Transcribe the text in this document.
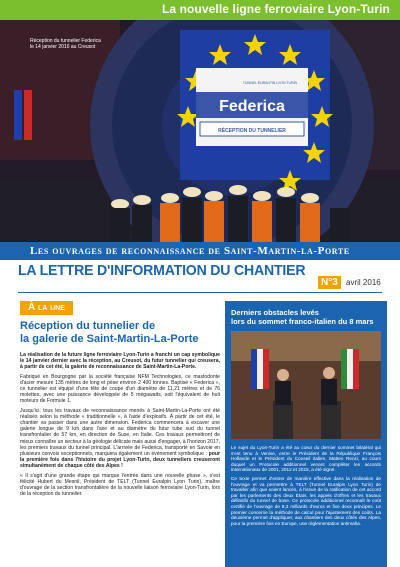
La nouvelle ligne ferroviaire Lyon-Turin
Federica
RÉCEPTION DU TUNNELIER
TUNNEL EURALPIN LYON TURIN
Réception du tunnelier Federica
le 14 janvier 2016 au Creusot
Les ouvrages de reconnaissance de Saint-Martin-la-Porte
LA LETTRE D'INFORMATION DU CHANTIER
N°3 avril 2016
À la une
Réception du tunnelier de
la galerie de Saint-Martin-La-Porte

La réalisation de la future ligne ferroviaire Lyon-Turin a franchi un cap symbolique le 14 janvier dernier avec la réception, au Creusot, du futur tunnelier qui creusera, à partir de cet été, la galerie de reconnaissance de Saint-Martin-La-Porte.

Fabriqué en Bourgogne par la société française NFM Technologies, ce mastodonte d'acier mesure 135 mètres de long et pèse environ 2 400 tonnes. Baptisé « Federica », ce tunnelier est équipé d'une tête de coupe d'un diamètre de 11,21 mètres et de 76 molettes, avec une puissance développée de 5 mégawatts, soit l'équivalent de huit moteurs de Formule 1.

Jusqu'ici, tous les travaux de reconnaissance menés à Saint-Martin-La-Porte ont été réalisés selon la méthode « traditionnelle », à l'aide d'explosifs. À partir de cet été, le chantier va passer dans une autre dimension. Federica commencera à excaver une galerie longue de 9 km dans l'axe et au diamètre du futur tube sud du tunnel transfrontalier de 57 km, en direction de Suse, en Italie. Ces travaux permettront de mieux connaître un secteur à la géologie délicate mais aussi d'engager, à l'horizon 2017, les premiers travaux du tunnel principal. L'arrivée de Federica, transporté en Savoie en plusieurs convois exceptionnels, marquera également un événement symbolique : pour la première fois dans l'histoire du projet Lyon-Turin, deux tunneliers creuseront simultanément de chaque côté des Alpes !

« Il s'agit d'une grande étape qui marque l'entrée dans une nouvelle phase », s'est félicité Hubert du Mesnil, Président de TELT (Tunnel Euralpin Lyon Turin), maître d'ouvrage de la section transfrontalière de la nouvelle liaison ferroviaire Lyon-Turin, lors de la réception du tunnelier.

Derniers obstacles levés
lors du sommet franco-italien du 8 mars

Le sujet du Lyon-Turin a été au cœur du dernier sommet bilatéral qui s'est tenu à Venise, entre le Président de la République François Hollande et le Président du Conseil italien, Matteo Renzi, au cours duquel un Protocole additionnel venant compléter les accords internationaux de 2001, 2012 et 2015, a été signé.

Ce texte permet d'entrer de manière effective dans la réalisation de l'ouvrage et va permettre à TELT (Tunnel Euralpin Lyon Turin) de travailler afin que soient lancés, à l'issue de la ratification de cet accord par les parlements des deux États, les appels d'offres et les travaux définitifs du tunnel de base. Ce protocole additionnel reconnaît le coût certifié de l'ouvrage de 8,3 milliards d'euros et fixe deux principes. Le premier concerne la méthode de calcul pour l'ajustement des coûts. La deuxième permet d'appliquer, aux chantiers des deux côtés des Alpes, pour la première fois en Europe, une réglementation antimafia.
